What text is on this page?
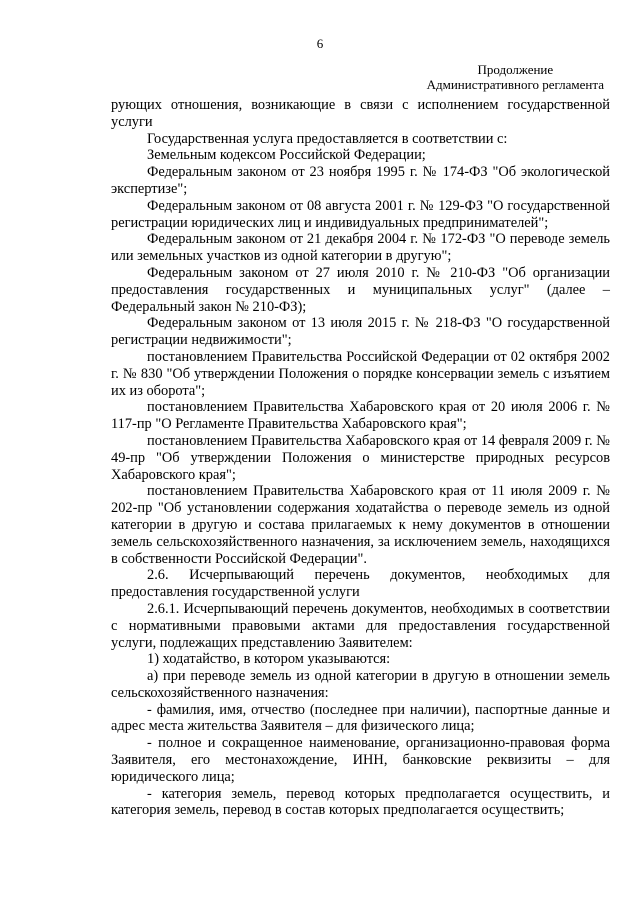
6
Продолжение
Административного регламента

рующих отношения, возникающие в связи с исполнением государственной услуги

Государственная услуга предоставляется в соответствии с:

Земельным кодексом Российской Федерации;

Федеральным законом от 23 ноября 1995 г. № 174-ФЗ "Об экологической экспертизе";

Федеральным законом от 08 августа 2001 г. № 129-ФЗ "О государственной регистрации юридических лиц и индивидуальных предпринимателей";

Федеральным законом от 21 декабря 2004 г. № 172-ФЗ "О переводе земель или земельных участков из одной категории в другую";

Федеральным законом от 27 июля 2010 г. № 210-ФЗ "Об организации предоставления государственных и муниципальных услуг" (далее – Федеральный закон № 210-ФЗ);

Федеральным законом от 13 июля 2015 г. № 218-ФЗ "О государственной регистрации недвижимости";

постановлением Правительства Российской Федерации от 02 октября 2002 г. № 830 "Об утверждении Положения о порядке консервации земель с изъятием их из оборота";

постановлением Правительства Хабаровского края от 20 июля 2006 г. № 117-пр "О Регламенте Правительства Хабаровского края";

постановлением Правительства Хабаровского края от 14 февраля 2009 г. № 49-пр "Об утверждении Положения о министерстве природных ресурсов Хабаровского края";

постановлением Правительства Хабаровского края от 11 июля 2009 г. № 202-пр "Об установлении содержания ходатайства о переводе земель из одной категории в другую и состава прилагаемых к нему документов в отношении земель сельскохозяйственного назначения, за исключением земель, находящихся в собственности Российской Федерации".

2.6. Исчерпывающий перечень документов, необходимых для предоставления государственной услуги

2.6.1. Исчерпывающий перечень документов, необходимых в соответствии с нормативными правовыми актами для предоставления государственной услуги, подлежащих представлению Заявителем:

1) ходатайство, в котором указываются:

а) при переводе земель из одной категории в другую в отношении земель сельскохозяйственного назначения:

- фамилия, имя, отчество (последнее при наличии), паспортные данные и адрес места жительства Заявителя – для физического лица;

- полное и сокращенное наименование, организационно-правовая форма Заявителя, его местонахождение, ИНН, банковские реквизиты – для юридического лица;

- категория земель, перевод которых предполагается осуществить, и категория земель, перевод в состав которых предполагается осуществить;
